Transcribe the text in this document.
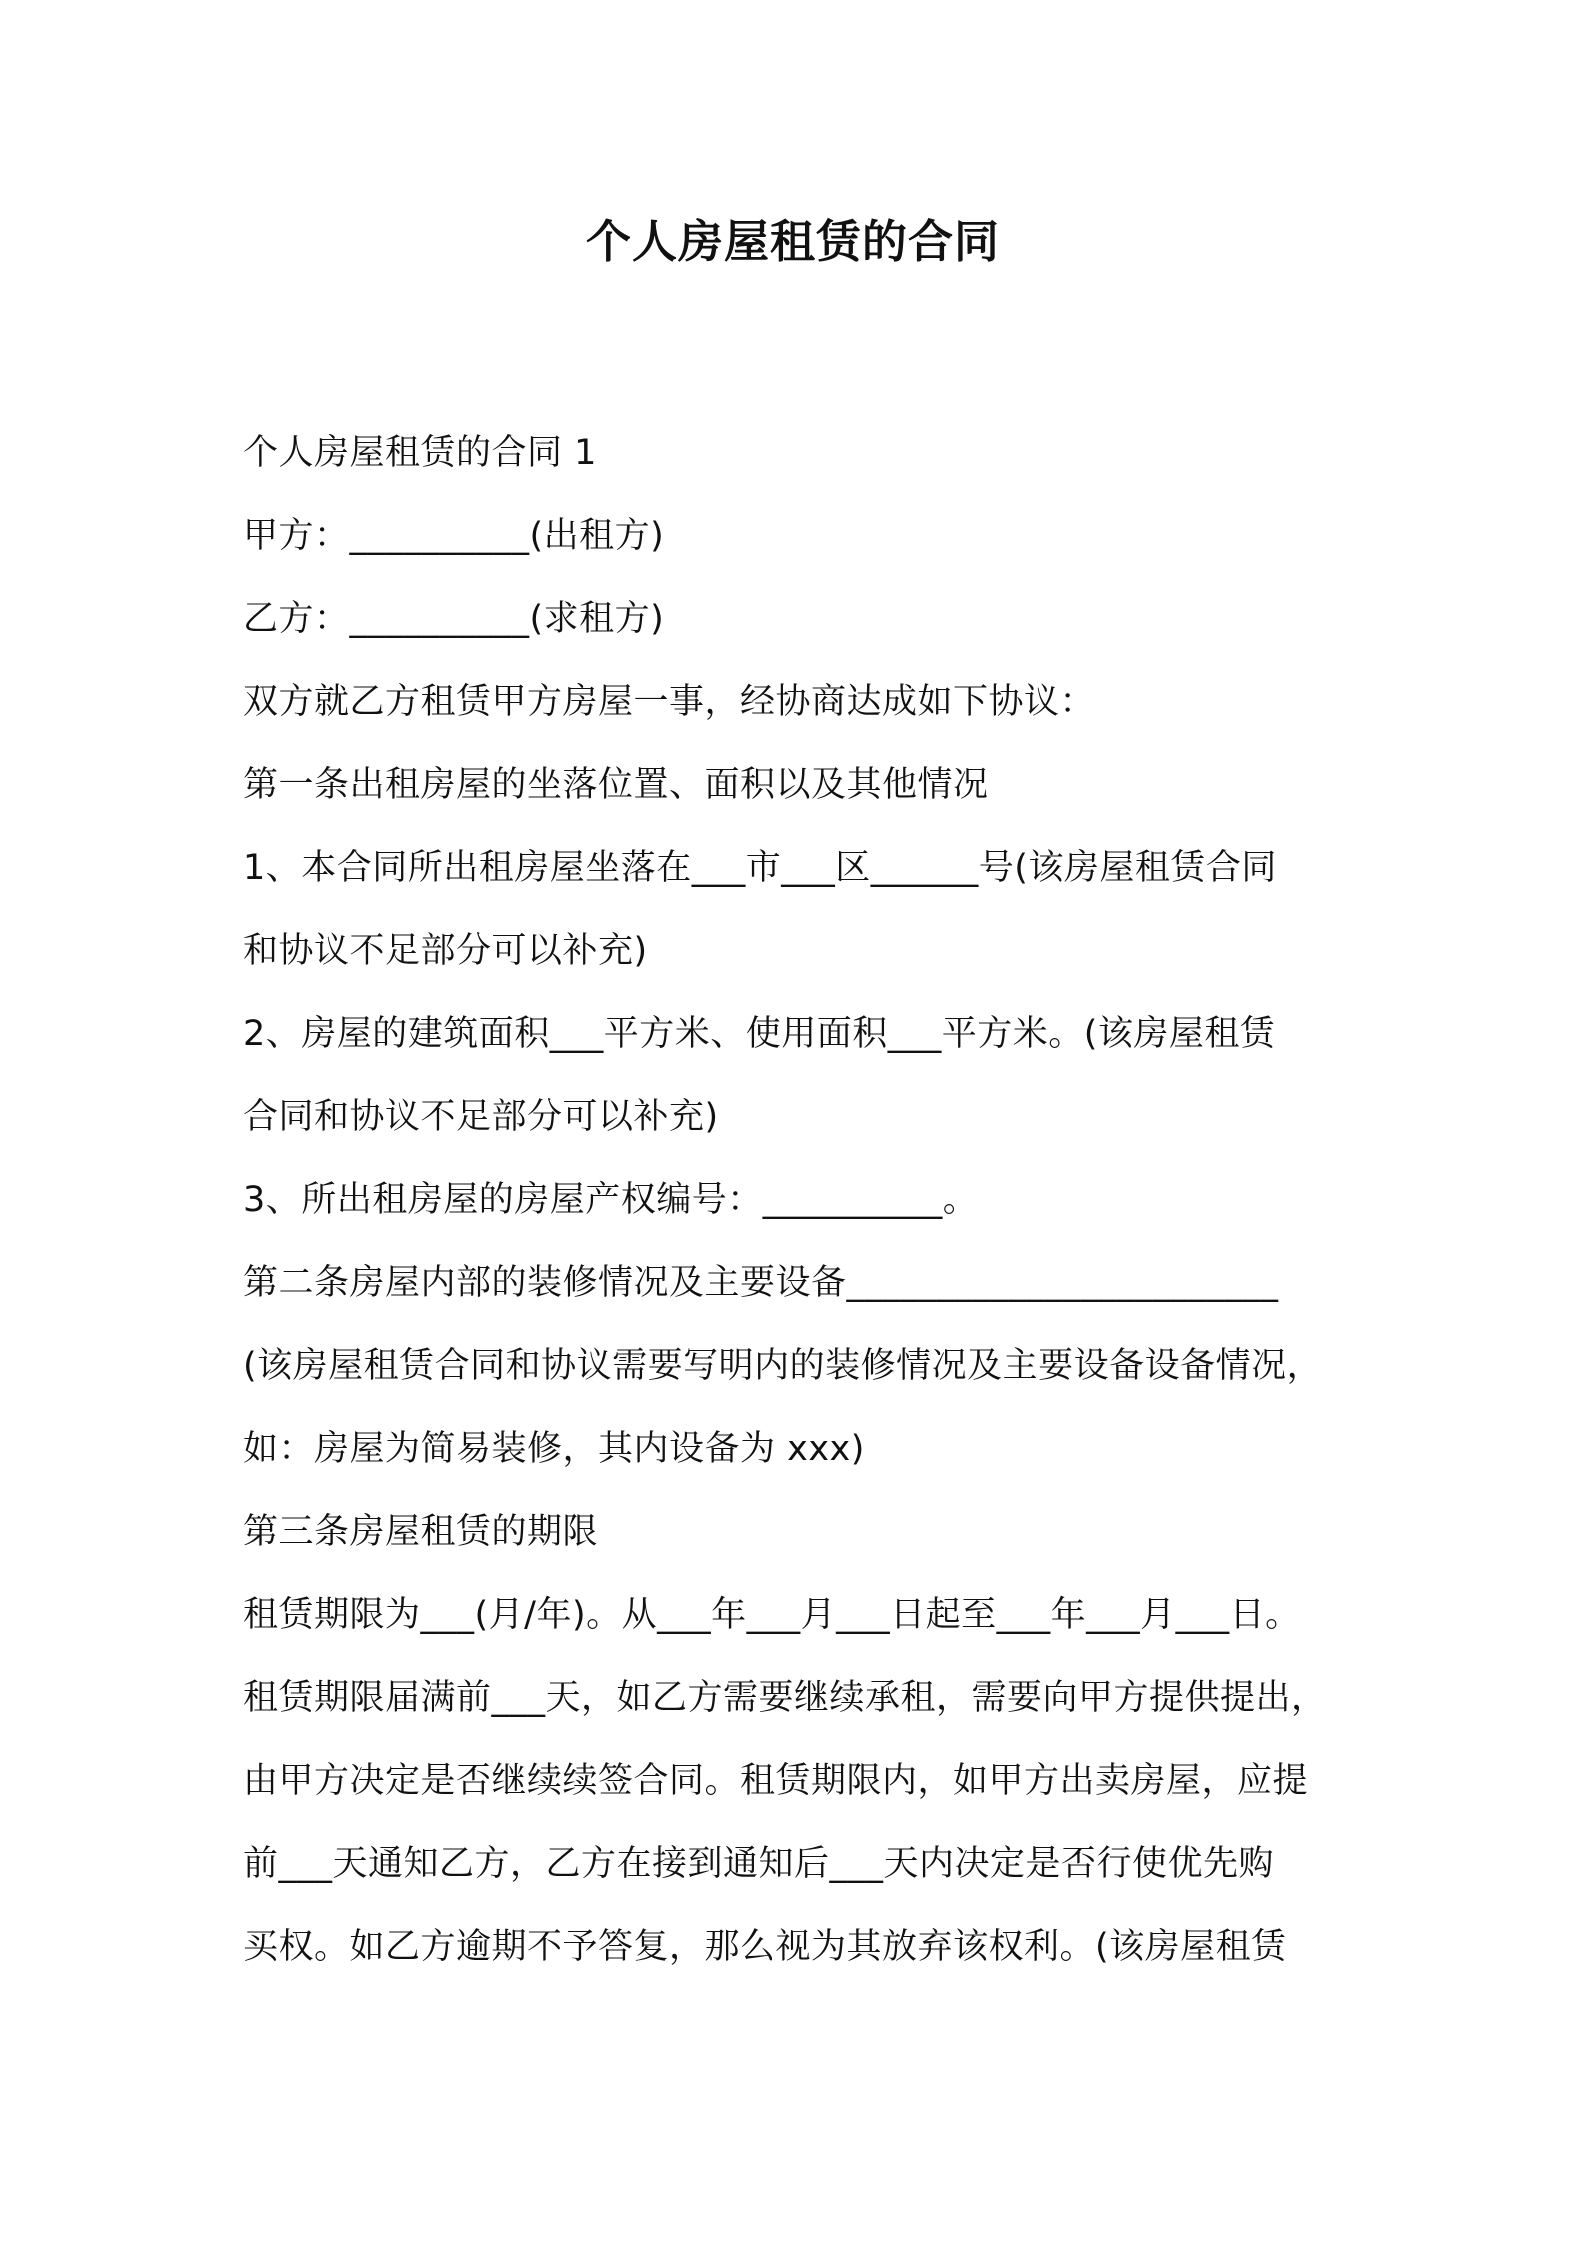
个人房屋租赁的合同
个人房屋租赁的合同 1
甲方：__________(出租方)
乙方：__________(求租方)
双方就乙方租赁甲方房屋一事，经协商达成如下协议：
第一条出租房屋的坐落位置、面积以及其他情况
1、本合同所出租房屋坐落在___市___区______号(该房屋租赁合同
和协议不足部分可以补充)
2、房屋的建筑面积___平方米、使用面积___平方米。(该房屋租赁
合同和协议不足部分可以补充)
3、所出租房屋的房屋产权编号：__________。
第二条房屋内部的装修情况及主要设备________________________
(该房屋租赁合同和协议需要写明内的装修情况及主要设备设备情况，
如：房屋为简易装修，其内设备为 xxx)
第三条房屋租赁的期限
租赁期限为___(月/年)。从___年___月___日起至___年___月___日。
租赁期限届满前___天，如乙方需要继续承租，需要向甲方提供提出，
由甲方决定是否继续续签合同。租赁期限内，如甲方出卖房屋，应提
前___天通知乙方，乙方在接到通知后___天内决定是否行使优先购
买权。如乙方逾期不予答复，那么视为其放弃该权利。(该房屋租赁
